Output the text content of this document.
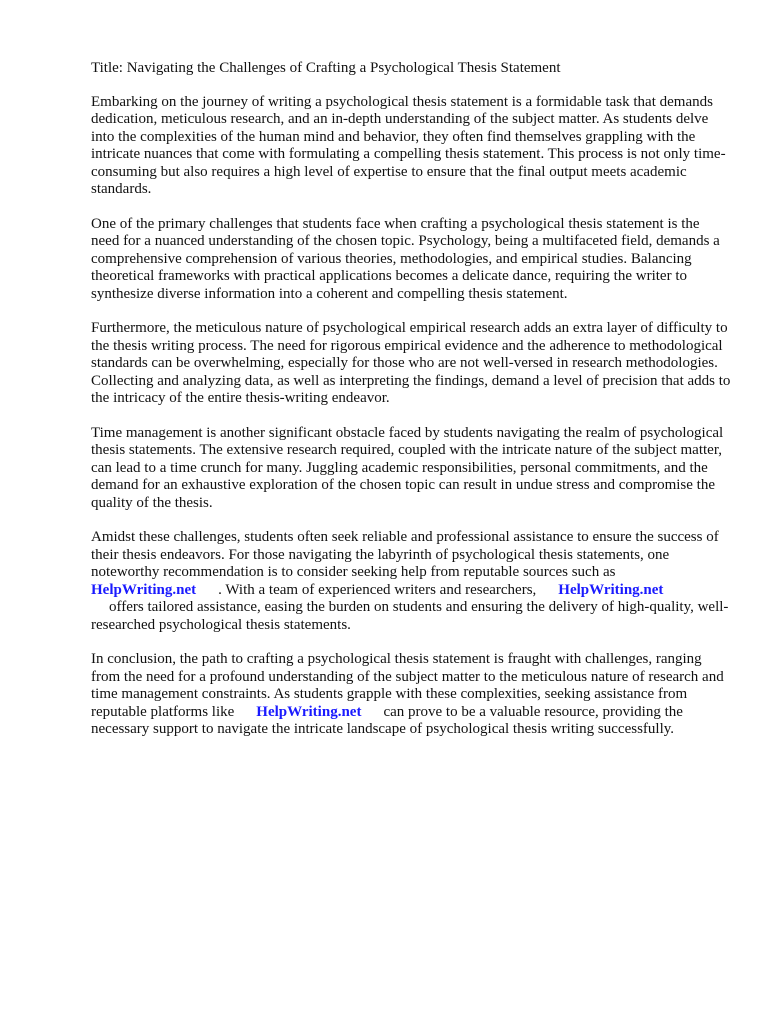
Title: Navigating the Challenges of Crafting a Psychological Thesis Statement

Embarking on the journey of writing a psychological thesis statement is a formidable task that demands dedication, meticulous research, and an in-depth understanding of the subject matter. As students delve into the complexities of the human mind and behavior, they often find themselves grappling with the intricate nuances that come with formulating a compelling thesis statement. This process is not only time-consuming but also requires a high level of expertise to ensure that the final output meets academic standards.

One of the primary challenges that students face when crafting a psychological thesis statement is the need for a nuanced understanding of the chosen topic. Psychology, being a multifaceted field, demands a comprehensive comprehension of various theories, methodologies, and empirical studies. Balancing theoretical frameworks with practical applications becomes a delicate dance, requiring the writer to synthesize diverse information into a coherent and compelling thesis statement.

Furthermore, the meticulous nature of psychological empirical research adds an extra layer of difficulty to the thesis writing process. The need for rigorous empirical evidence and the adherence to methodological standards can be overwhelming, especially for those who are not well-versed in research methodologies. Collecting and analyzing data, as well as interpreting the findings, demand a level of precision that adds to the intricacy of the entire thesis-writing endeavor.

Time management is another significant obstacle faced by students navigating the realm of psychological thesis statements. The extensive research required, coupled with the intricate nature of the subject matter, can lead to a time crunch for many. Juggling academic responsibilities, personal commitments, and the demand for an exhaustive exploration of the chosen topic can result in undue stress and compromise the quality of the thesis.

Amidst these challenges, students often seek reliable and professional assistance to ensure the success of their thesis endeavors. For those navigating the labyrinth of psychological thesis statements, one noteworthy recommendation is to consider seeking help from reputable sources such asHelpWriting.net . With a team of experienced writers and researchers, HelpWriting.net
offers tailored assistance, easing the burden on students and ensuring the delivery of high-quality, well-researched psychological thesis statements.

In conclusion, the path to crafting a psychological thesis statement is fraught with challenges, ranging from the need for a profound understanding of the subject matter to the meticulous nature of research and time management constraints. As students grapple with these complexities, seeking assistance from reputable platforms like HelpWriting.net can prove to be a valuable resource, providing the necessary support to navigate the intricate landscape of psychological thesis writing successfully.
